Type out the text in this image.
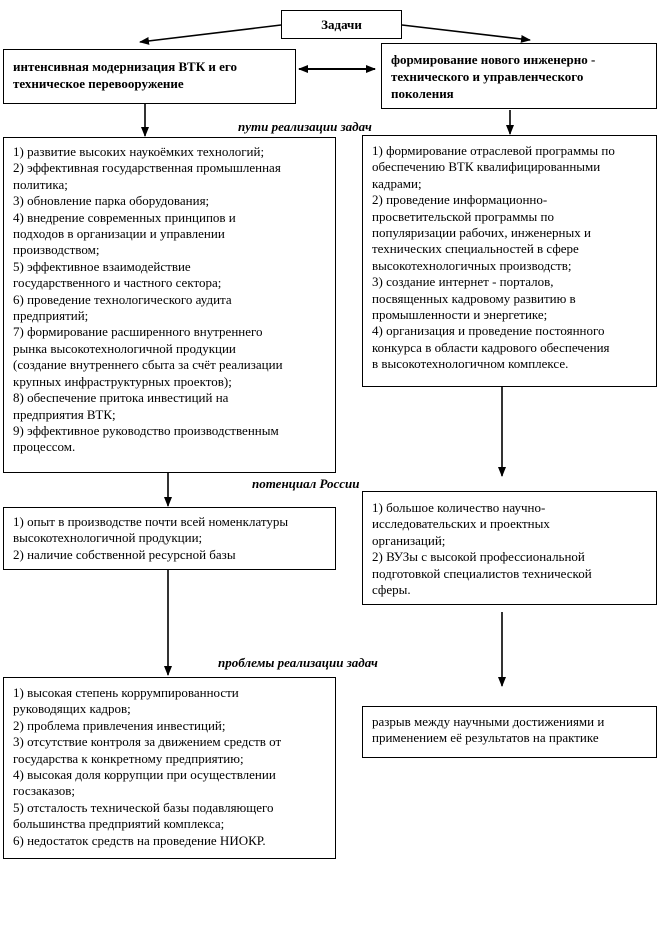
Задачи
интенсивная модернизация ВТК и его
техническое перевооружение
формирование нового инженерно -
технического и управленческого
поколения
пути реализации задач
потенциал России
проблемы реализации задач
1) развитие высоких наукоёмких технологий;
2) эффективная государственная промышленная
политика;
3) обновление парка оборудования;
4) внедрение современных принципов и
подходов в организации и управлении
производством;
5) эффективное взаимодействие
государственного и частного сектора;
6) проведение технологического аудита
предприятий;
7) формирование расширенного внутреннего
рынка высокотехнологичной продукции
(создание внутреннего сбыта за счёт реализации
крупных инфраструктурных проектов);
8) обеспечение притока инвестиций на
предприятия ВТК;
9) эффективное руководство производственным
процессом.
1) формирование отраслевой программы по
обеспечению ВТК квалифицированными
кадрами;
2) проведение информационно-
просветительской программы по
популяризации рабочих, инженерных и
технических специальностей в сфере
высокотехнологичных производств;
3) создание интернет - порталов,
посвященных кадровому развитию в
промышленности и энергетике;
4) организация и проведение постоянного
конкурса в области кадрового обеспечения
в высокотехнологичном комплексе.
1) опыт в производстве почти всей номенклатуры
высокотехнологичной продукции;
2) наличие собственной ресурсной базы
1) большое количество научно-
исследовательских и проектных
организаций;
2) ВУЗы с высокой профессиональной
подготовкой специалистов технической
сферы.
1) высокая степень коррумпированности
руководящих кадров;
2) проблема привлечения инвестиций;
3) отсутствие контроля за движением средств от
государства к конкретному предприятию;
4) высокая доля коррупции при осуществлении
госзаказов;
5) отсталость технической базы подавляющего
большинства предприятий комплекса;
6) недостаток средств на проведение НИОКР.
разрыв между научными достижениями и
применением её результатов на практике
